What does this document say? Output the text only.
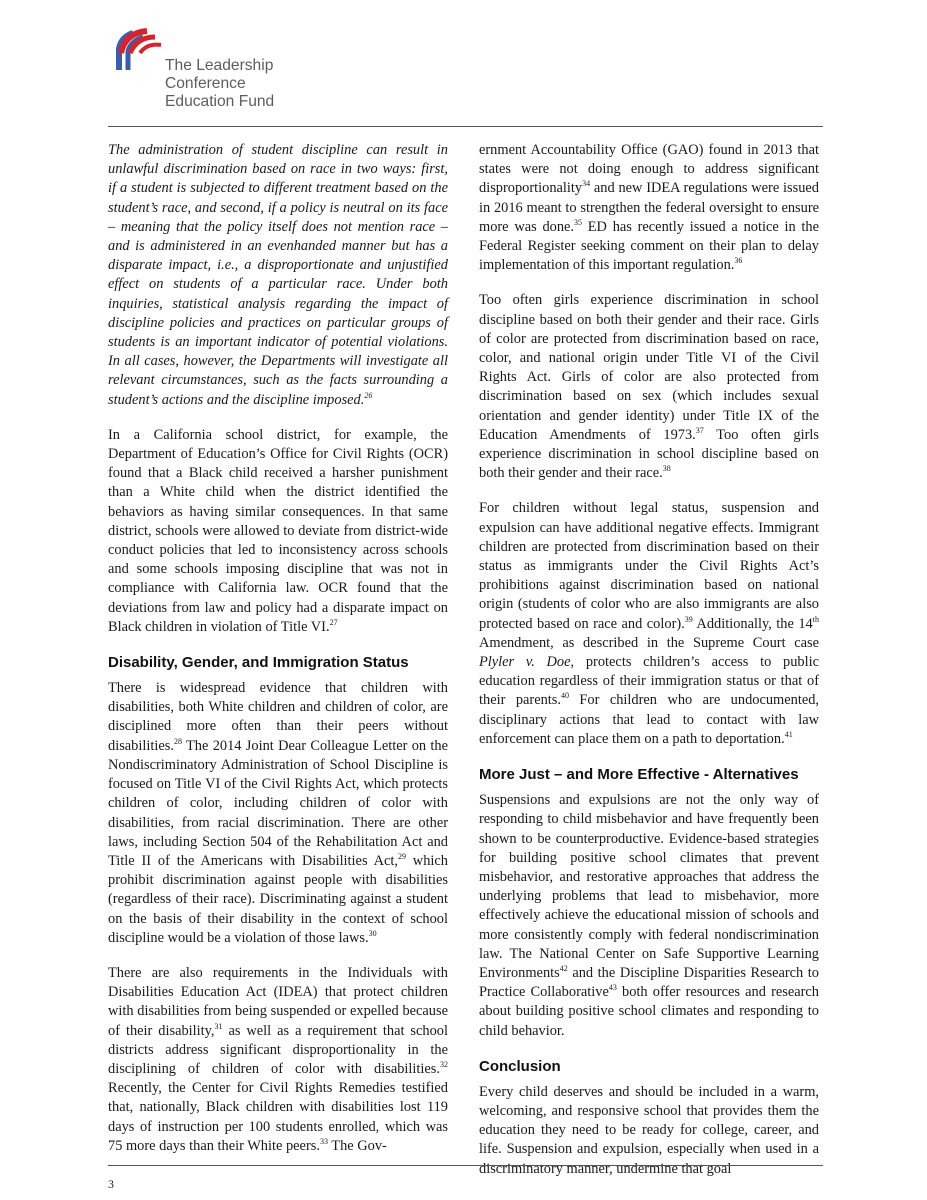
The Leadership
Conference
Education Fund

The administration of student discipline can result in unlawful discrimination based on race in two ways: first, if a student is subjected to different treatment based on the student’s race, and second, if a policy is neutral on its face – meaning that the policy itself does not mention race – and is administered in an evenhanded manner but has a disparate impact, i.e., a disproportionate and unjustified effect on students of a particular race. Under both inquiries, statistical analysis regarding the impact of discipline policies and practices on particular groups of students is an important indicator of potential violations. In all cases, however, the Departments will investigate all relevant circumstances, such as the facts surrounding a student’s actions and the discipline imposed.$^{26}$

In a California school district, for example, the Department of Education’s Office for Civil Rights (OCR) found that a Black child received a harsher punishment than a White child when the district identified the behaviors as having similar consequences. In that same district, schools were allowed to deviate from district-wide conduct policies that led to inconsistency across schools and some schools imposing discipline that was not in compliance with California law. OCR found that the deviations from law and policy had a disparate impact on Black children in violation of Title VI.$^{27}$

Disability, Gender, and Immigration Status

There is widespread evidence that children with disabilities, both White children and children of color, are disciplined more often than their peers without disabilities.$^{28}$ The 2014 Joint Dear Colleague Letter on the Nondiscriminatory Administration of School Discipline is focused on Title VI of the Civil Rights Act, which protects children of color, including children of color with disabilities, from racial discrimination. There are other laws, including Section 504 of the Rehabilitation Act and Title II of the Americans with Disabilities Act,$^{29}$ which prohibit discrimination against people with disabilities (regardless of their race). Discriminating against a student on the basis of their disability in the context of school discipline would be a violation of those laws.$^{30}$

There are also requirements in the Individuals with Disabilities Education Act (IDEA) that protect children with disabilities from being suspended or expelled because of their disability,$^{31}$ as well as a requirement that school districts address significant disproportionality in the disciplining of children of color with disabilities.$^{32}$ Recently, the Center for Civil Rights Remedies testified that, nationally, Black children with disabilities lost 119 days of instruction per 100 students enrolled, which was 75 more days than their White peers.$^{33}$ The Gov-

ernment Accountability Office (GAO) found in 2013 that states were not doing enough to address significant disproportionality$^{34}$ and new IDEA regulations were issued in 2016 meant to strengthen the federal oversight to ensure more was done.$^{35}$ ED has recently issued a notice in the Federal Register seeking comment on their plan to delay implementation of this important regulation.$^{36}$

Too often girls experience discrimination in school discipline based on both their gender and their race. Girls of color are protected from discrimination based on race, color, and national origin under Title VI of the Civil Rights Act. Girls of color are also protected from discrimination based on sex (which includes sexual orientation and gender identity) under Title IX of the Education Amendments of 1973.37 Too often girls experience discrimination in school discipline based on both their gender and their race.$^{38}$

For children without legal status, suspension and expulsion can have additional negative effects. Immigrant children are protected from discrimination based on their status as immigrants under the Civil Rights Act’s prohibitions against discrimination based on national origin (students of color who are also immigrants are also protected based on race and color).$^{39}$ Additionally, the 14th Amendment, as described in the Supreme Court case Plyler v. Doe, protects children’s access to public education regardless of their immigration status or that of their parents.$^{40}$ For children who are undocumented, disciplinary actions that lead to contact with law enforcement can place them on a path to deportation.$^{41}$

More Just – and More Effective - Alternatives

Suspensions and expulsions are not the only way of responding to child misbehavior and have frequently been shown to be counterproductive. Evidence-based strategies for building positive school climates that prevent misbehavior, and restorative approaches that address the underlying problems that lead to misbehavior, more effectively achieve the educational mission of schools and more consistently comply with federal nondiscrimination law. The National Center on Safe Supportive Learning Environments$^{42}$ and the Discipline Disparities Research to Practice Collaborative$^{43}$ both offer resources and research about building positive school climates and responding to child behavior.

Conclusion

Every child deserves and should be included in a warm, welcoming, and responsive school that provides them the education they need to be ready for college, career, and life. Suspension and expulsion, especially when used in a discriminatory manner, undermine that goal

3
